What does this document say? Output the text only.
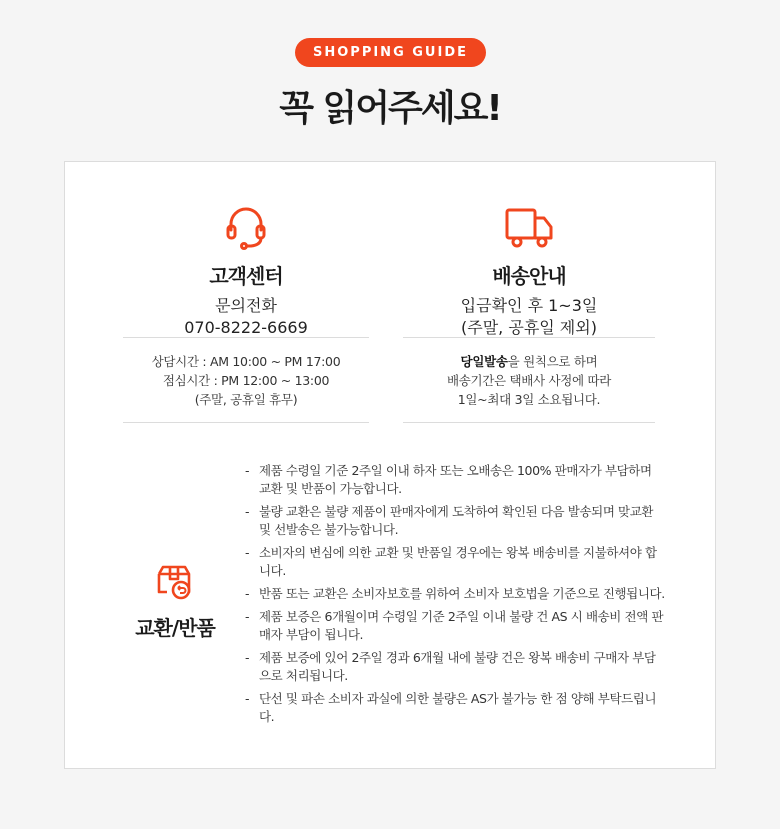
SHOPPING GUIDE
꼭 읽어주세요!
고객센터
문의전화
070-8222-6669
배송안내
입금확인 후 1~3일
(주말, 공휴일 제외)
상담시간 : AM 10:00 ~ PM 17:00
점심시간 : PM 12:00 ~ 13:00
(주말, 공휴일 휴무)
당일발송을 원칙으로 하며
배송기간은 택배사 사정에 따라
1일~최대 3일 소요됩니다.
교환/반품
- 제품 수령일 기준 2주일 이내 하자 또는 오배송은 100% 판매자가 부담하며 교환 및 반품이 가능합니다.
- 불량 교환은 불량 제품이 판매자에게 도착하여 확인된 다음 발송되며 맞교환 및 선발송은 불가능합니다.
- 소비자의 변심에 의한 교환 및 반품일 경우에는 왕복 배송비를 지불하셔야 합니다.
- 반품 또는 교환은 소비자보호를 위하여 소비자 보호법을 기준으로 진행됩니다.
- 제품 보증은 6개월이며 수령일 기준 2주일 이내 불량 건 AS 시 배송비 전액 판매자 부담이 됩니다.
- 제품 보증에 있어 2주일 경과 6개월 내에 불량 건은 왕복 배송비 구매자 부담으로 처리됩니다.
- 단선 및 파손 소비자 과실에 의한 불량은 AS가 불가능 한 점 양해 부탁드립니다.
